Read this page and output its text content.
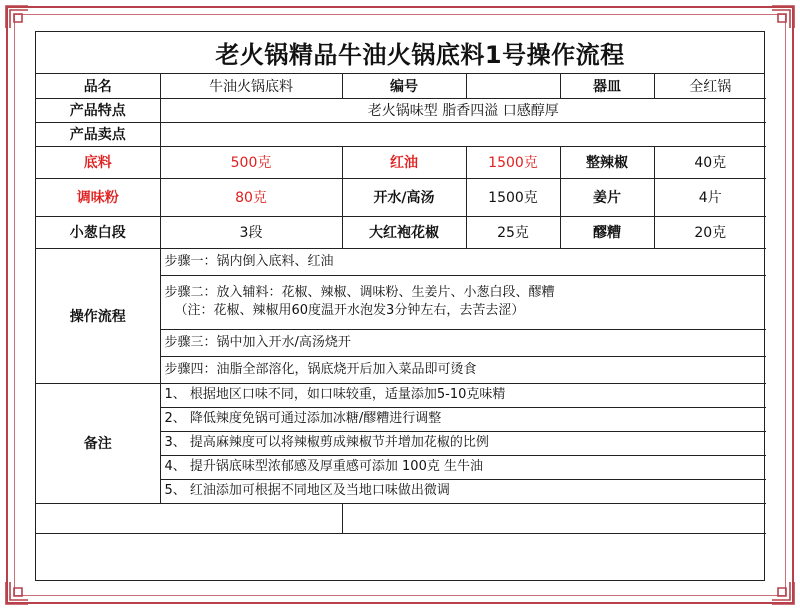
老火锅精品牛油火锅底料1号操作流程
品名	牛油火锅底料	编号		器皿	全红锅
产品特点	老火锅味型 脂香四溢 口感醇厚				
产品卖点					
底料	500克	红油	1500克	整辣椒	40克
调味粉	80克	开水/高汤	1500克	姜片	4片
小葱白段	3段	大红袍花椒	25克	醪糟	20克
操作流程	步骤一：锅内倒入底料、红油				
	步骤二：放入辅料：花椒、辣椒、调味粉、生姜片、小葱白段、醪糟
（注：花椒、辣椒用60度温开水泡发3分钟左右，去苦去涩）				

	步骤三：锅中加入开水/高汤烧开				
	步骤四：油脂全部溶化，锅底烧开后加入菜品即可烫食				
备注	1、 根据地区口味不同，如口味较重，适量添加5-10克味精				
	2、 降低辣度免锅可通过添加冰糖/醪糟进行调整				
	3、 提高麻辣度可以将辣椒剪成辣椒节并增加花椒的比例				
	4、 提升锅底味型浓郁感及厚重感可添加 100克 生牛油				
	5、 红油添加可根据不同地区及当地口味做出微调				
